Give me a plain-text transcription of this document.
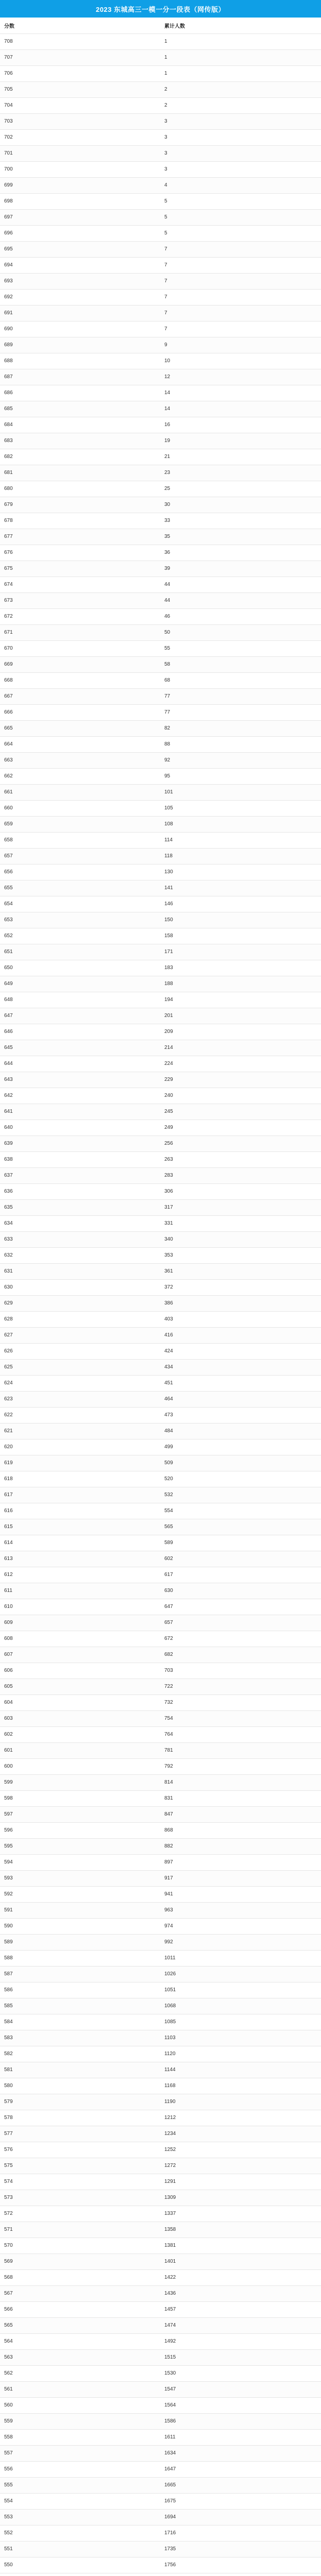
2023 东城高三一模一分一段表（网传版）
分数	累计人数
708	1
707	1
706	1
705	2
704	2
703	3
702	3
701	3
700	3
699	4
698	5
697	5
696	5
695	7
694	7
693	7
692	7
691	7
690	7
689	9
688	10
687	12
686	14
685	14
684	16
683	19
682	21
681	23
680	25
679	30
678	33
677	35
676	36
675	39
674	44
673	44
672	46
671	50
670	55
669	58
668	68
667	77
666	77
665	82
664	88
663	92
662	95
661	101
660	105
659	108
658	114
657	118
656	130
655	141
654	146
653	150
652	158
651	171
650	183
649	188
648	194
647	201
646	209
645	214
644	224
643	229
642	240
641	245
640	249
639	256
638	263
637	283
636	306
635	317
634	331
633	340
632	353
631	361
630	372
629	386
628	403
627	416
626	424
625	434
624	451
623	464
622	473
621	484
620	499
619	509
618	520
617	532
616	554
615	565
614	589
613	602
612	617
611	630
610	647
609	657
608	672
607	682
606	703
605	722
604	732
603	754
602	764
601	781
600	792
599	814
598	831
597	847
596	868
595	882
594	897
593	917
592	941
591	963
590	974
589	992
588	1011
587	1026
586	1051
585	1068
584	1085
583	1103
582	1120
581	1144
580	1168
579	1190
578	1212
577	1234
576	1252
575	1272
574	1291
573	1309
572	1337
571	1358
570	1381
569	1401
568	1422
567	1436
566	1457
565	1474
564	1492
563	1515
562	1530
561	1547
560	1564
559	1586
558	1611
557	1634
556	1647
555	1665
554	1675
553	1694
552	1716
551	1735
550	1756
